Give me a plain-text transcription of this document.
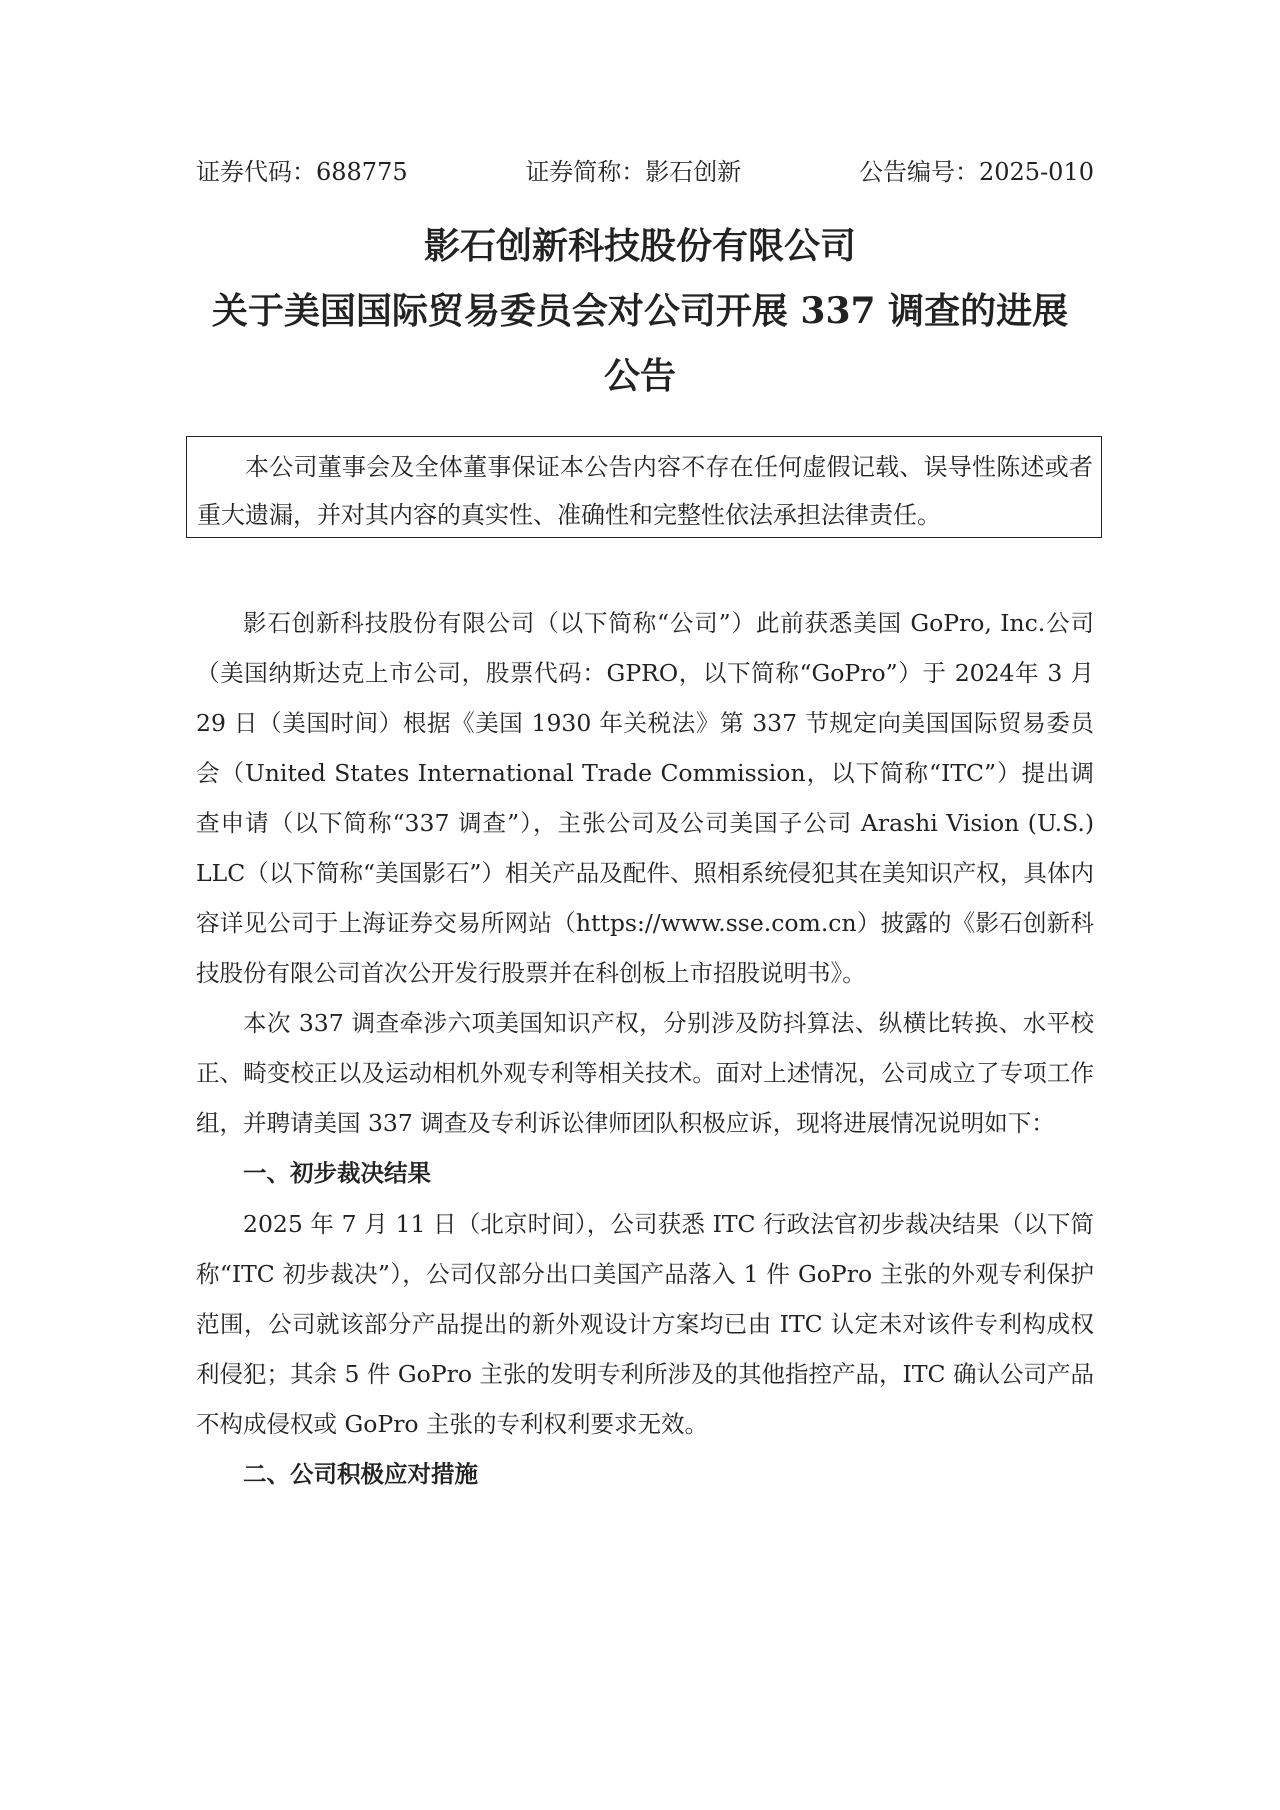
证券代码：688775	证券简称：影石创新	公告编号：2025-010
影石创新科技股份有限公司
关于美国国际贸易委员会对公司开展 337 调查的进展
公告

本公司董事会及全体董事保证本公告内容不存在任何虚假记载、误导性陈述或者重大遗漏，并对其内容的真实性、准确性和完整性依法承担法律责任。

影石创新科技股份有限公司（以下简称“公司”）此前获悉美国 GoPro, Inc.公司（美国纳斯达克上市公司，股票代码：GPRO，以下简称“GoPro”）于 2024年 3 月 29 日（美国时间）根据《美国 1930 年关税法》第 337 节规定向美国国际贸易委员会（United States International Trade Commission，以下简称“ITC”）提出调查申请（以下简称“337 调查”），主张公司及公司美国子公司 Arashi Vision (U.S.) LLC（以下简称“美国影石”）相关产品及配件、照相系统侵犯其在美知识产权，具体内容详见公司于上海证券交易所网站（https://www.sse.com.cn）披露的《影石创新科技股份有限公司首次公开发行股票并在科创板上市招股说明书》。

本次 337 调查牵涉六项美国知识产权，分别涉及防抖算法、纵横比转换、水平校正、畸变校正以及运动相机外观专利等相关技术。面对上述情况，公司成立了专项工作组，并聘请美国 337 调查及专利诉讼律师团队积极应诉，现将进展情况说明如下：

一、初步裁决结果

2025 年 7 月 11 日（北京时间），公司获悉 ITC 行政法官初步裁决结果（以下简称“ITC 初步裁决”），公司仅部分出口美国产品落入 1 件 GoPro 主张的外观专利保护范围，公司就该部分产品提出的新外观设计方案均已由 ITC 认定未对该件专利构成权利侵犯；其余 5 件 GoPro 主张的发明专利所涉及的其他指控产品，ITC 确认公司产品不构成侵权或 GoPro 主张的专利权利要求无效。

二、公司积极应对措施
